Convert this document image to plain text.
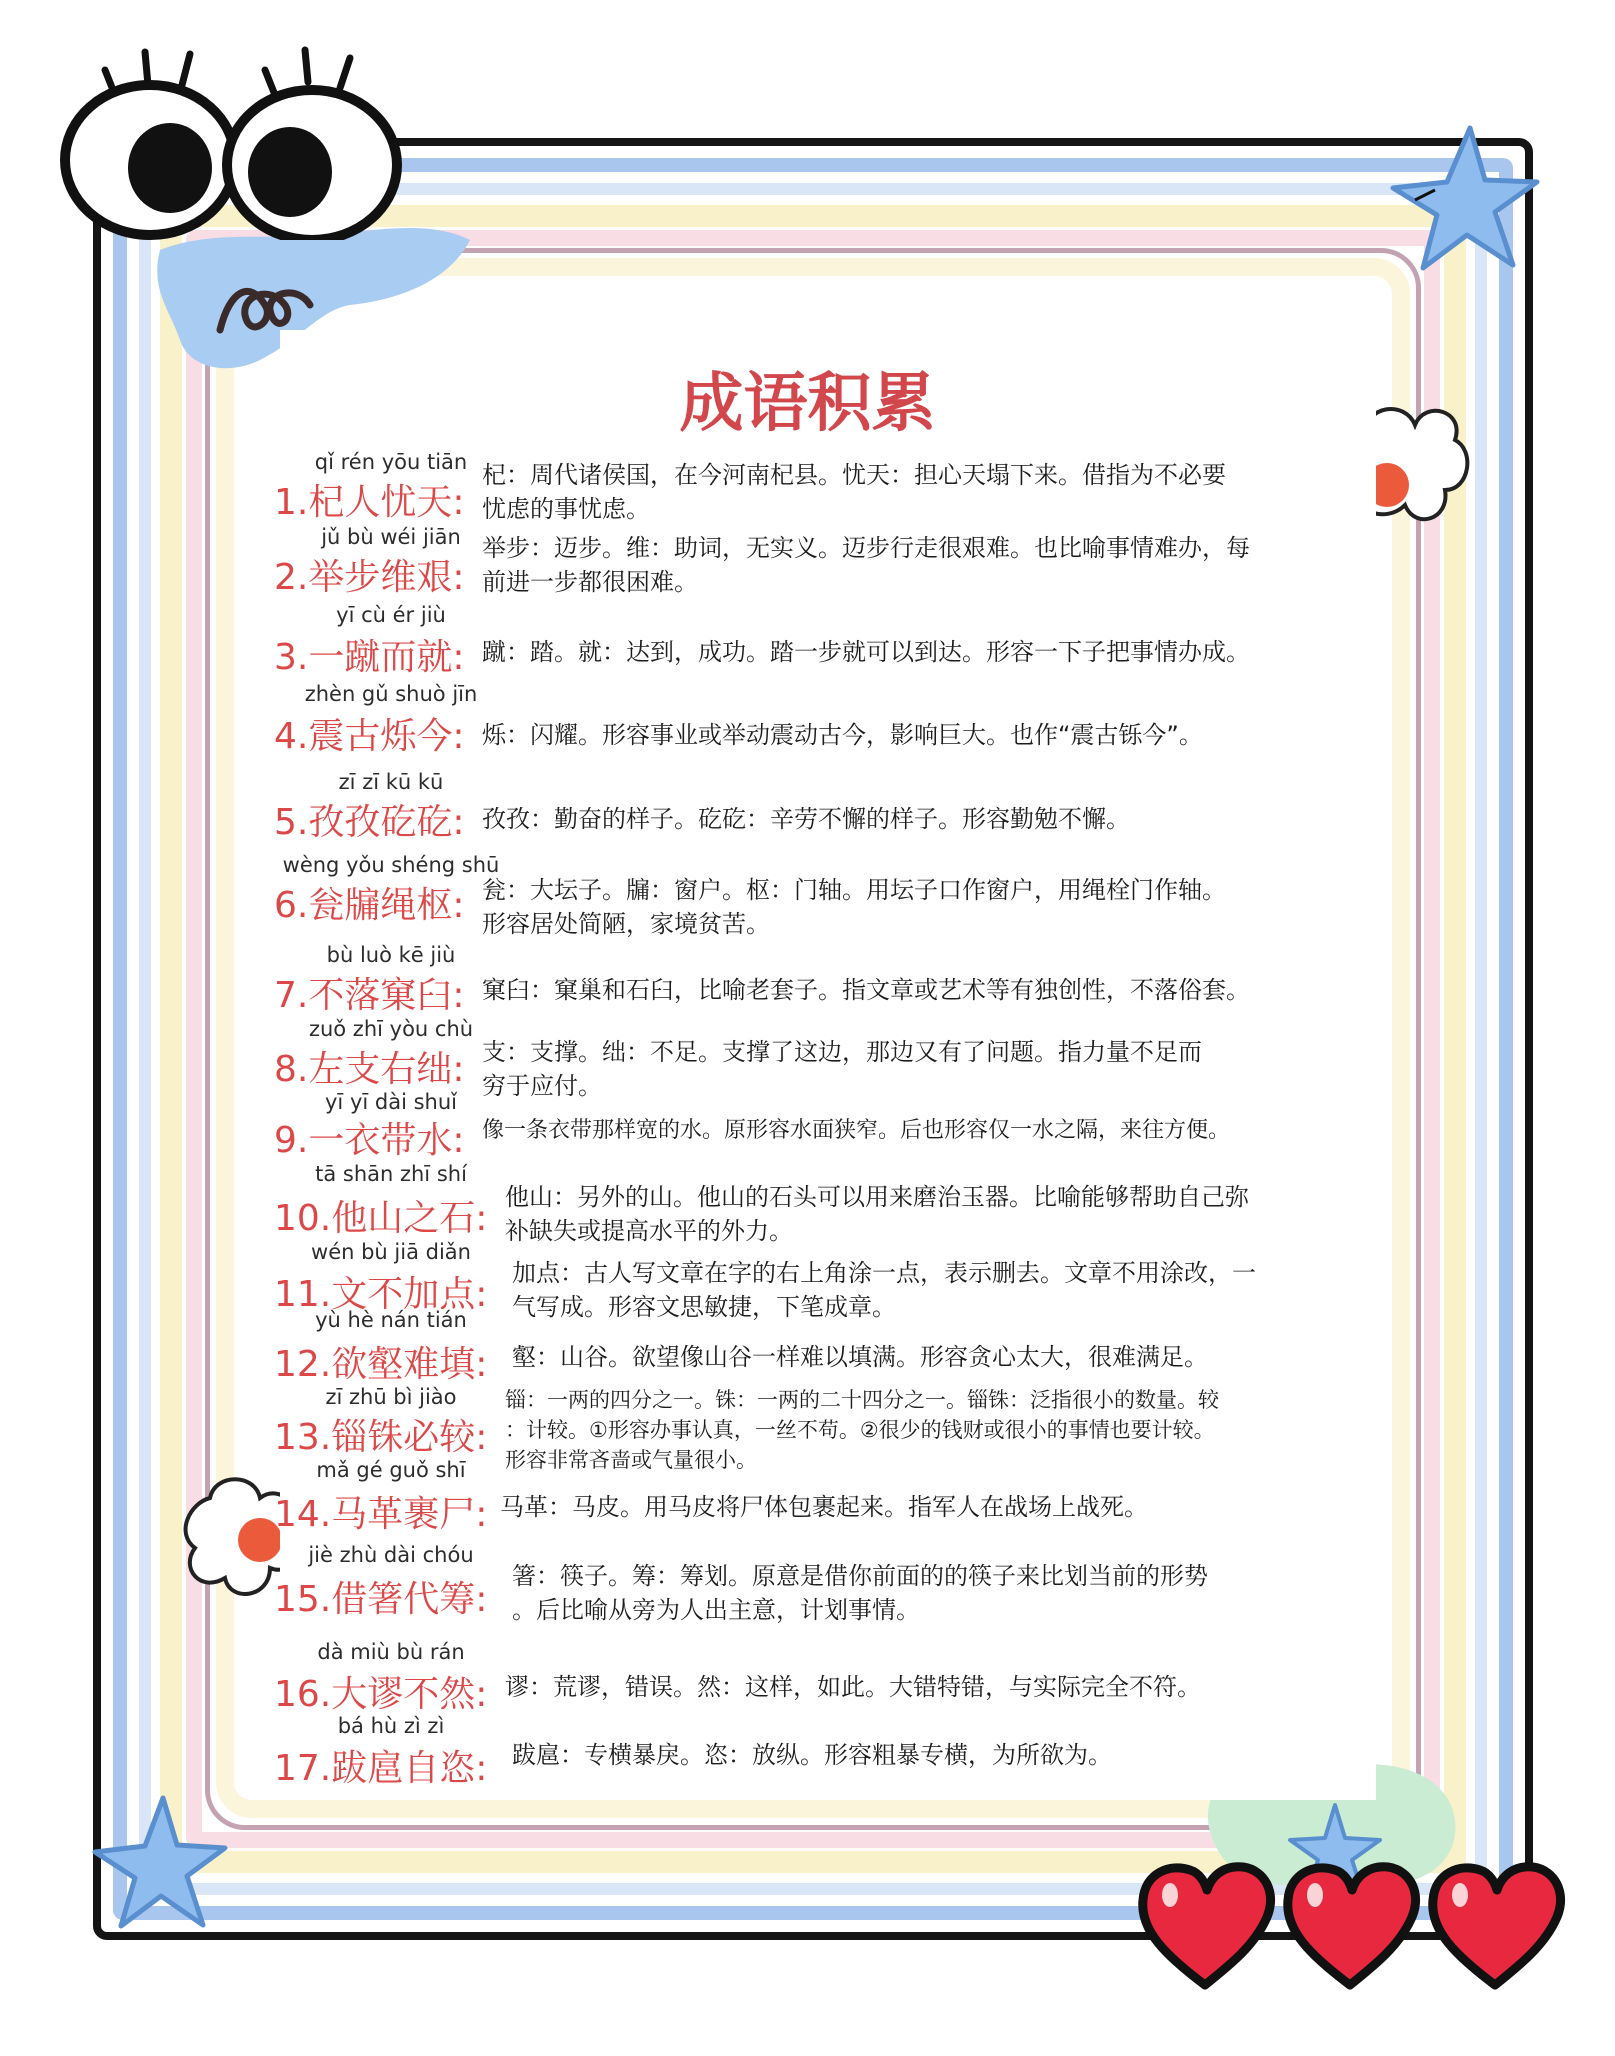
成语积累
qǐ rén yōu tiān
1.杞人忧天:
杞：周代诸侯国，在今河南杞县。忧天：担心天塌下来。借指为不必要
忧虑的事忧虑。
jǔ bù wéi jiān
2.举步维艰:
举步：迈步。维：助词，无实义。迈步行走很艰难。也比喻事情难办，每
前进一步都很困难。
yī cù ér jiù
3.一蹴而就: 蹴：踏。就：达到，成功。踏一步就可以到达。形容一下子把事情办成。
zhèn gǔ shuò jīn
4.震古烁今: 烁：闪耀。形容事业或举动震动古今，影响巨大。也作“震古铄今”。
zī zī kū kū
5.孜孜矻矻: 孜孜：勤奋的样子。矻矻：辛劳不懈的样子。形容勤勉不懈。
wèng yǒu shéng shū
6.瓮牖绳枢: 瓮：大坛子。牖：窗户。枢：门轴。用坛子口作窗户，用绳栓门作轴。
形容居处简陋，家境贫苦。
bù luò kē jiù
7.不落窠臼: 窠臼：窠巢和石臼，比喻老套子。指文章或艺术等有独创性，不落俗套。
zuǒ zhī yòu chù
8.左支右绌: 支：支撑。绌：不足。支撑了这边，那边又有了问题。指力量不足而
穷于应付。
yī yī dài shuǐ
9.一衣带水: 像一条衣带那样宽的水。原形容水面狭窄。后也形容仅一水之隔，来往方便。
tā shān zhī shí
10.他山之石:
他山：另外的山。他山的石头可以用来磨治玉器。比喻能够帮助自己弥
补缺失或提高水平的外力。
wén bù jiā diǎn
11.文不加点:
加点：古人写文章在字的右上角涂一点，表示删去。文章不用涂改，一
气写成。形容文思敏捷，下笔成章。
yù hè nán tián
12.欲壑难填: 壑：山谷。欲望像山谷一样难以填满。形容贪心太大，很难满足。
zī zhū bì jiào
13.锱铢必较:
锱：一两的四分之一。铢：一两的二十四分之一。锱铢：泛指很小的数量。较
：计较。①形容办事认真，一丝不苟。②很少的钱财或很小的事情也要计较。
形容非常吝啬或气量很小。
mǎ gé guǒ shī
14.马革裹尸: 马革：马皮。用马皮将尸体包裹起来。指军人在战场上战死。
jiè zhù dài chóu
15.借箸代筹:
箸：筷子。筹：筹划。原意是借你前面的的筷子来比划当前的形势
。后比喻从旁为人出主意，计划事情。
dà miù bù rán
16.大谬不然: 谬：荒谬，错误。然：这样，如此。大错特错，与实际完全不符。
bá hù zì zì
17.跋扈自恣: 跋扈：专横暴戾。恣：放纵。形容粗暴专横，为所欲为。
